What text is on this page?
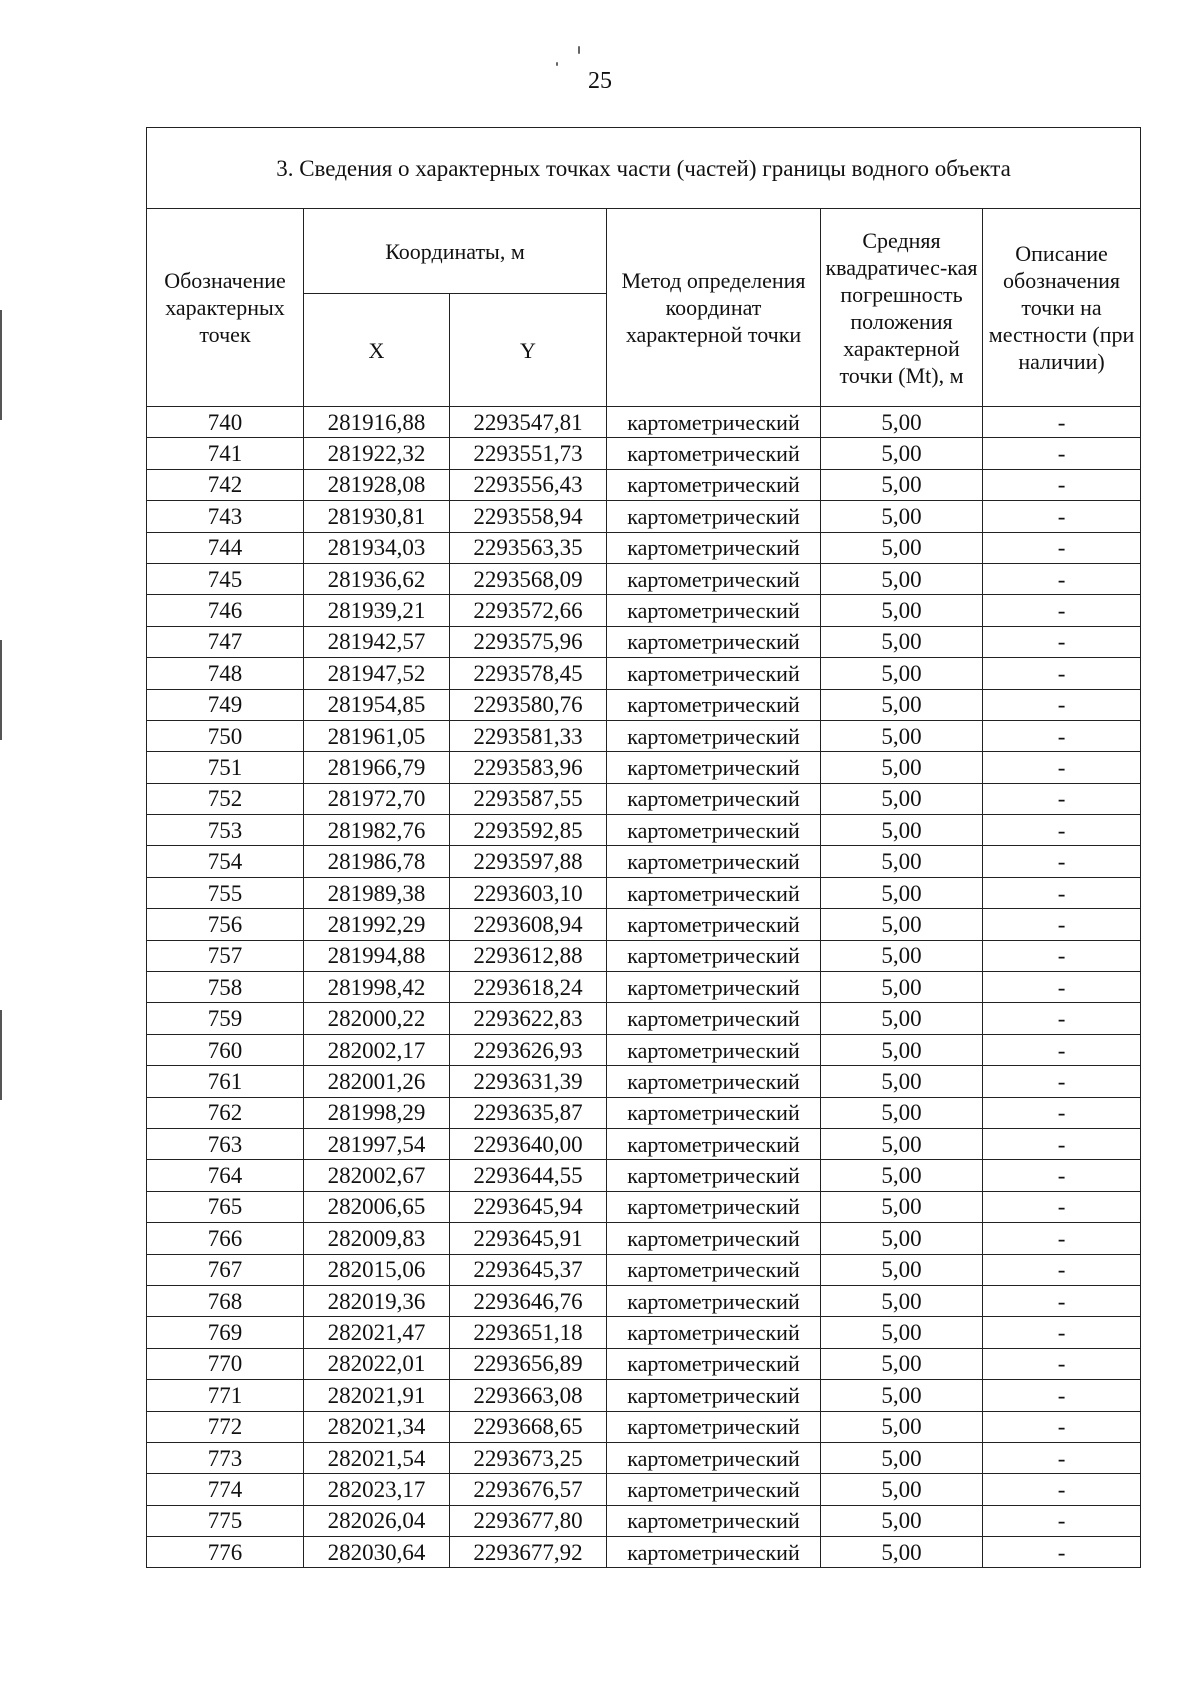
25
3. Сведения о характерных точках части (частей) границы водного объекта					
Обозначение характерных точек	Координаты, м		Метод определения координат характерной точки	Средняя квадратичес-кая погрешность положения характерной точки (Mt), м	Описание обозначения точки на местности (при наличии)
	X	Y			
740	281916,88	2293547,81	картометрический	5,00	-
741	281922,32	2293551,73	картометрический	5,00	-
742	281928,08	2293556,43	картометрический	5,00	-
743	281930,81	2293558,94	картометрический	5,00	-
744	281934,03	2293563,35	картометрический	5,00	-
745	281936,62	2293568,09	картометрический	5,00	-
746	281939,21	2293572,66	картометрический	5,00	-
747	281942,57	2293575,96	картометрический	5,00	-
748	281947,52	2293578,45	картометрический	5,00	-
749	281954,85	2293580,76	картометрический	5,00	-
750	281961,05	2293581,33	картометрический	5,00	-
751	281966,79	2293583,96	картометрический	5,00	-
752	281972,70	2293587,55	картометрический	5,00	-
753	281982,76	2293592,85	картометрический	5,00	-
754	281986,78	2293597,88	картометрический	5,00	-
755	281989,38	2293603,10	картометрический	5,00	-
756	281992,29	2293608,94	картометрический	5,00	-
757	281994,88	2293612,88	картометрический	5,00	-
758	281998,42	2293618,24	картометрический	5,00	-
759	282000,22	2293622,83	картометрический	5,00	-
760	282002,17	2293626,93	картометрический	5,00	-
761	282001,26	2293631,39	картометрический	5,00	-
762	281998,29	2293635,87	картометрический	5,00	-
763	281997,54	2293640,00	картометрический	5,00	-
764	282002,67	2293644,55	картометрический	5,00	-
765	282006,65	2293645,94	картометрический	5,00	-
766	282009,83	2293645,91	картометрический	5,00	-
767	282015,06	2293645,37	картометрический	5,00	-
768	282019,36	2293646,76	картометрический	5,00	-
769	282021,47	2293651,18	картометрический	5,00	-
770	282022,01	2293656,89	картометрический	5,00	-
771	282021,91	2293663,08	картометрический	5,00	-
772	282021,34	2293668,65	картометрический	5,00	-
773	282021,54	2293673,25	картометрический	5,00	-
774	282023,17	2293676,57	картометрический	5,00	-
775	282026,04	2293677,80	картометрический	5,00	-
776	282030,64	2293677,92	картометрический	5,00	-
